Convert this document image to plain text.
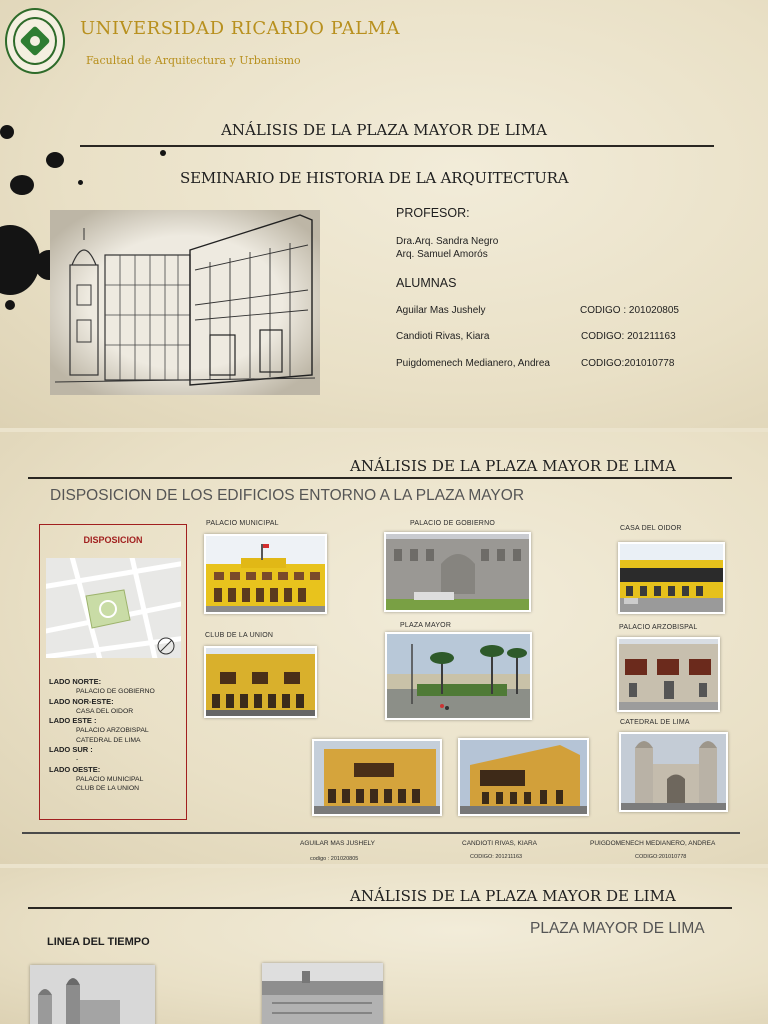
UNIVERSIDAD RICARDO PALMA
Facultad de Arquitectura y Urbanismo
ANÁLISIS DE LA PLAZA MAYOR DE LIMA
SEMINARIO DE HISTORIA DE LA ARQUITECTURA
PROFESOR:
Dra.Arq. Sandra Negro
Arq. Samuel Amorós
ALUMNAS
Aguilar Mas Jushely	CODIGO : 201020805
Candioti Rivas, Kiara	CODIGO: 201211163
Puigdomenech Medianero, Andrea	CODIGO:201010778
ANÁLISIS DE LA PLAZA MAYOR DE LIMA
DISPOSICION DE LOS EDIFICIOS ENTORNO A LA PLAZA MAYOR
DISPOSICION
LADO NORTE:
PALACIO DE GOBIERNO
LADO NOR-ESTE:
CASA DEL OIDOR
LADO ESTE :
PALACIO ARZOBISPAL
CATEDRAL DE LIMA
LADO SUR :
-
LADO OESTE:
PALACIO MUNICIPAL
CLUB DE LA UNION
PALACIO MUNICIPAL	PALACIO DE GOBIERNO
CASA DEL OIDOR
CLUB DE LA UNION
PLAZA MAYOR	PALACIO ARZOBISPAL
CATEDRAL DE LIMA
AGUILAR MAS JUSHELY
codigo : 201020805
CANDIOTI RIVAS, KIARA
CODIGO: 201211163
PUIGDOMENECH MEDIANERO, ANDREA
CODIGO:201010778
ANÁLISIS DE LA PLAZA MAYOR DE LIMA
PLAZA MAYOR DE LIMA
LINEA DEL TIEMPO
